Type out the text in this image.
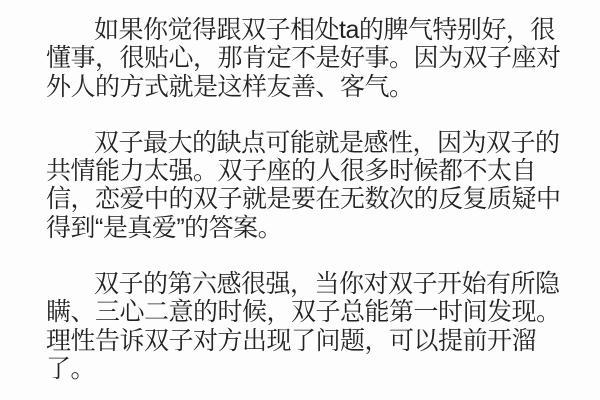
如果你觉得跟双子相处ta的脾气特别好，很
懂事，很贴心，那肯定不是好事。因为双子座对
外人的方式就是这样友善、客气。
双子最大的缺点可能就是感性，因为双子的
共情能力太强。双子座的人很多时候都不太自
信，恋爱中的双子就是要在无数次的反复质疑中
得到“是真爱”的答案。
双子的第六感很强，当你对双子开始有所隐
瞒、三心二意的时候，双子总能第一时间发现。
理性告诉双子对方出现了问题，可以提前开溜
了。
